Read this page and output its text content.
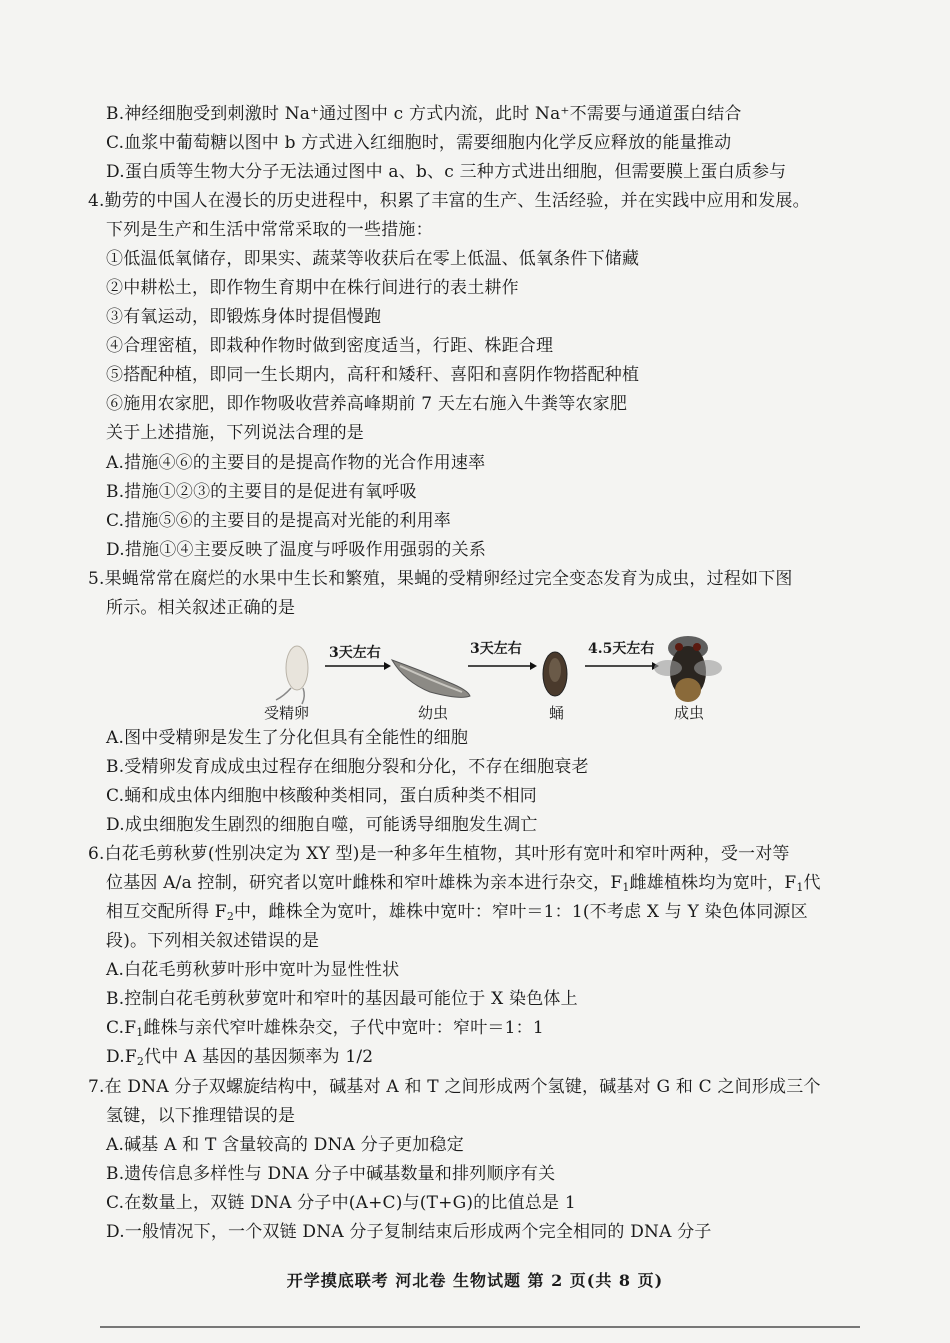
B.神经细胞受到刺激时 Na⁺通过图中 c 方式内流，此时 Na⁺不需要与通道蛋白结合
C.血浆中葡萄糖以图中 b 方式进入红细胞时，需要细胞内化学反应释放的能量推动
D.蛋白质等生物大分子无法通过图中 a、b、c 三种方式进出细胞，但需要膜上蛋白质参与
4.勤劳的中国人在漫长的历史进程中，积累了丰富的生产、生活经验，并在实践中应用和发展。
下列是生产和生活中常常采取的一些措施：
①低温低氧储存，即果实、蔬菜等收获后在零上低温、低氧条件下储藏
②中耕松土，即作物生育期中在株行间进行的表土耕作
③有氧运动，即锻炼身体时提倡慢跑
④合理密植，即栽种作物时做到密度适当，行距、株距合理
⑤搭配种植，即同一生长期内，高秆和矮秆、喜阳和喜阴作物搭配种植
⑥施用农家肥，即作物吸收营养高峰期前 7 天左右施入牛粪等农家肥
关于上述措施，下列说法合理的是
A.措施④⑥的主要目的是提高作物的光合作用速率
B.措施①②③的主要目的是促进有氧呼吸
C.措施⑤⑥的主要目的是提高对光能的利用率
D.措施①④主要反映了温度与呼吸作用强弱的关系
5.果蝇常常在腐烂的水果中生长和繁殖，果蝇的受精卵经过完全变态发育为成虫，过程如下图
所示。相关叙述正确的是
3天左右	3天左右	4.5天左右
受精卵	幼虫	蛹	成虫
A.图中受精卵是发生了分化但具有全能性的细胞
B.受精卵发育成成虫过程存在细胞分裂和分化，不存在细胞衰老
C.蛹和成虫体内细胞中核酸种类相同，蛋白质种类不相同
D.成虫细胞发生剧烈的细胞自噬，可能诱导细胞发生凋亡
6.白花毛剪秋萝(性别决定为 XY 型)是一种多年生植物，其叶形有宽叶和窄叶两种，受一对等
位基因 A/a 控制，研究者以宽叶雌株和窄叶雄株为亲本进行杂交，$F_1$雌雄植株均为宽叶，$F_1$代
相互交配所得 $F_2$中，雌株全为宽叶，雄株中宽叶：窄叶＝1：1(不考虑 X 与 Y 染色体同源区
段)。下列相关叙述错误的是
A.白花毛剪秋萝叶形中宽叶为显性性状
B.控制白花毛剪秋萝宽叶和窄叶的基因最可能位于 X 染色体上
$C.F_1$雌株与亲代窄叶雄株杂交，子代中宽叶：窄叶＝1：1
$D.F_2$代中 A 基因的基因频率为 1/2
7.在 DNA 分子双螺旋结构中，碱基对 A 和 T 之间形成两个氢键，碱基对 G 和 C 之间形成三个
氢键，以下推理错误的是
A.碱基 A 和 T 含量较高的 DNA 分子更加稳定
B.遗传信息多样性与 DNA 分子中碱基数量和排列顺序有关
C.在数量上，双链 DNA 分子中(A+C)与(T+G)的比值总是 1
D.一般情况下，一个双链 DNA 分子复制结束后形成两个完全相同的 DNA 分子
开学摸底联考 河北卷 生物试题 第 2 页(共 8 页)
